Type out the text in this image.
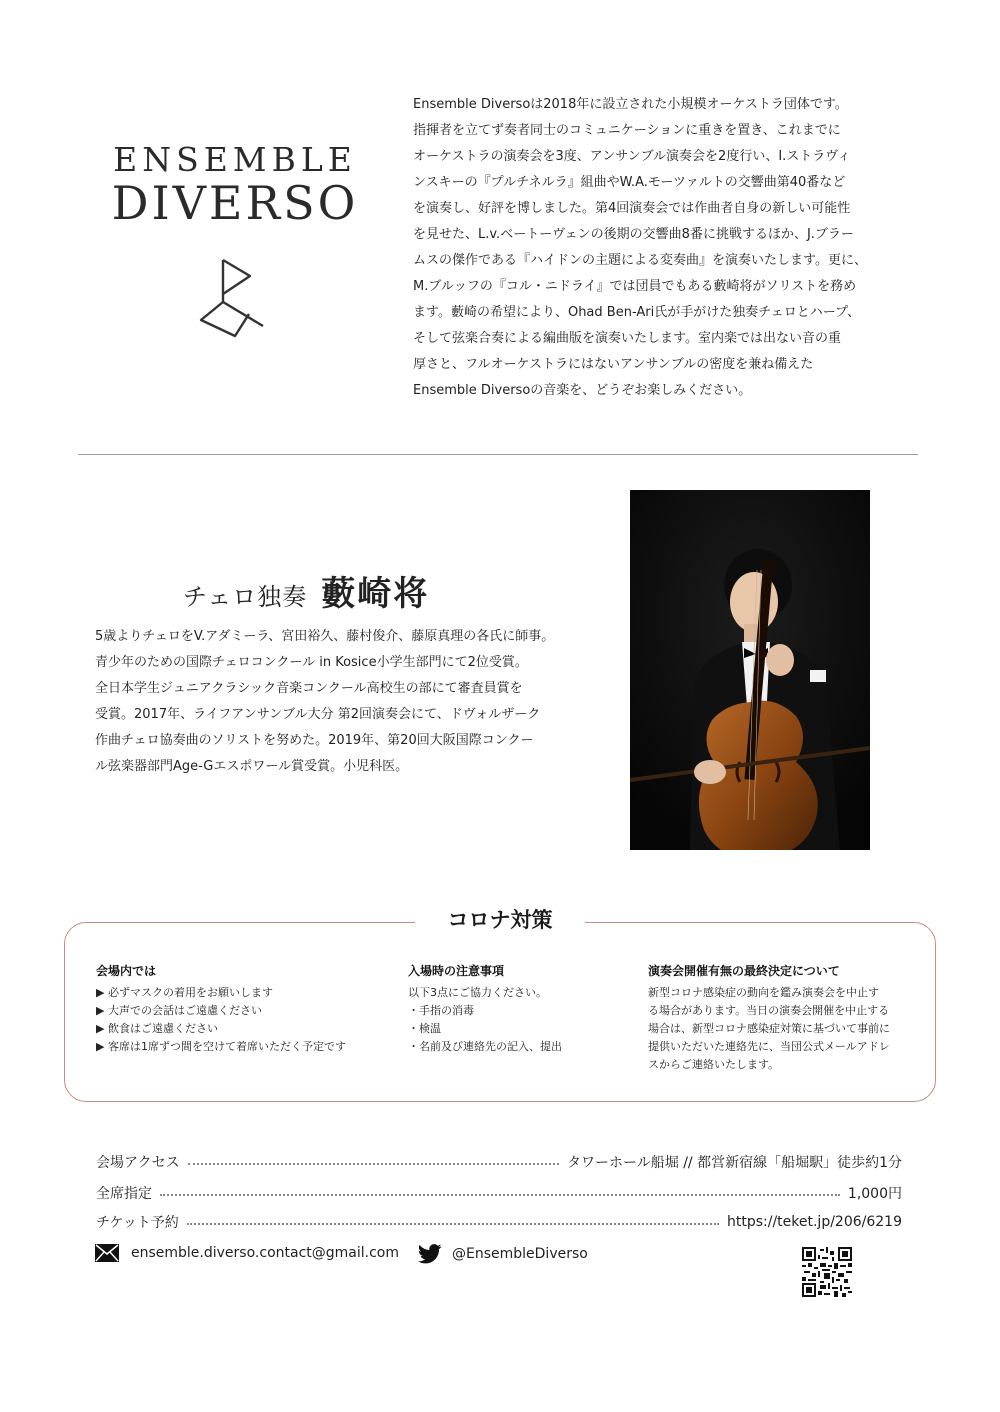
ENSEMBLE
DIVERSO

Ensemble Diversoは2018年に設立された小規模オーケストラ団体です。

指揮者を立てず奏者同士のコミュニケーションに重きを置き、これまでに

オーケストラの演奏会を3度、アンサンブル演奏会を2度行い、I.ストラヴィ

ンスキーの『プルチネルラ』組曲やW.A.モーツァルトの交響曲第40番など

を演奏し、好評を博しました。第4回演奏会では作曲者自身の新しい可能性

を見せた、L.v.ベートーヴェンの後期の交響曲8番に挑戦するほか、J.ブラー

ムスの傑作である『ハイドンの主題による変奏曲』を演奏いたします。更に、

M.ブルッフの『コル・ニドライ』では団員でもある藪崎将がソリストを務め

ます。藪崎の希望により、Ohad Ben-Ari氏が手がけた独奏チェロとハープ、

そして弦楽合奏による編曲版を演奏いたします。室内楽では出ない音の重

厚さと、フルオーケストラにはないアンサンブルの密度を兼ね備えた

Ensemble Diversoの音楽を、どうぞお楽しみください。

チェロ独奏 藪崎将

5歳よりチェロをV.アダミーラ、宮田裕久、藤村俊介、藤原真理の各氏に師事。

青少年のための国際チェロコンクール in Kosice小学生部門にて2位受賞。

全日本学生ジュニアクラシック音楽コンクール高校生の部にて審査員賞を

受賞。2017年、ライフアンサンブル大分 第2回演奏会にて、ドヴォルザーク

作曲チェロ協奏曲のソリストを努めた。2019年、第20回大阪国際コンクー

ル弦楽器部門Age-Gエスポワール賞受賞。小児科医。

コロナ対策
会場内では

▶ 必ずマスクの着用をお願いします

▶ 大声での会話はご遠慮ください

▶ 飲食はご遠慮ください

▶ 客席は1席ずつ間を空けて着席いただく予定です

入場時の注意事項

以下3点にご協力ください。

・手指の消毒

・検温

・名前及び連絡先の記入、提出

演奏会開催有無の最終決定について

新型コロナ感染症の動向を鑑み演奏会を中止す

る場合があります。当日の演奏会開催を中止する

場合は、新型コロナ感染症対策に基づいて事前に

提供いただいた連絡先に、当団公式メールアドレ

スからご連絡いたします。

会場アクセス	タワーホール船堀 // 都営新宿線「船堀駅」徒歩約1分
全席指定	1,000円
チケット予約	https://teket.jp/206/6219
ensemble.diverso.contact@gmail.com	@EnsembleDiverso
